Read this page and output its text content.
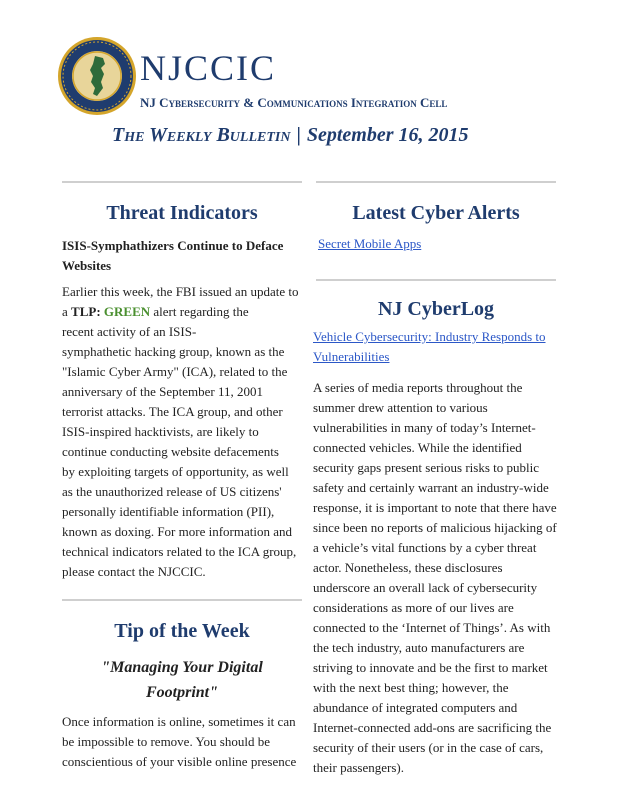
NJCCIC
NJ Cybersecurity & Communications Integration Cell
The Weekly Bulletin | September 16, 2015
Threat Indicators
ISIS-Symphathizers Continue to Deface Websites

Earlier this week, the FBI issued an update to

a TLP: GREEN alert regarding the

recent activity of an ISIS-

symphathetic hacking group, known as the

"Islamic Cyber Army" (ICA), related to the

anniversary of the September 11, 2001

terrorist attacks. The ICA group, and other

ISIS-inspired hacktivists, are likely to

continue conducting website defacements

by exploiting targets of opportunity, as well

as the unauthorized release of US citizens'

personally identifiable information (PII),

known as doxing. For more information and

technical indicators related to the ICA group,

please contact the NJCCIC.

Tip of the Week
"Managing Your Digital
Footprint"

Once information is online, sometimes it can

be impossible to remove. You should be

conscientious of your visible online presence

Latest Cyber Alerts
Secret Mobile Apps
NJ CyberLog
Vehicle Cybersecurity: Industry Responds to
Vulnerabilities

A series of media reports throughout the

summer drew attention to various

vulnerabilities in many of today’s Internet-

connected vehicles. While the identified

security gaps present serious risks to public

safety and certainly warrant an industry-wide

response, it is important to note that there have

since been no reports of malicious hijacking of

a vehicle’s vital functions by a cyber threat

actor. Nonetheless, these disclosures

underscore an overall lack of cybersecurity

considerations as more of our lives are

connected to the ‘Internet of Things’. As with

the tech industry, auto manufacturers are

striving to innovate and be the first to market

with the next best thing; however, the

abundance of integrated computers and

Internet-connected add-ons are sacrificing the

security of their users (or in the case of cars,

their passengers).
